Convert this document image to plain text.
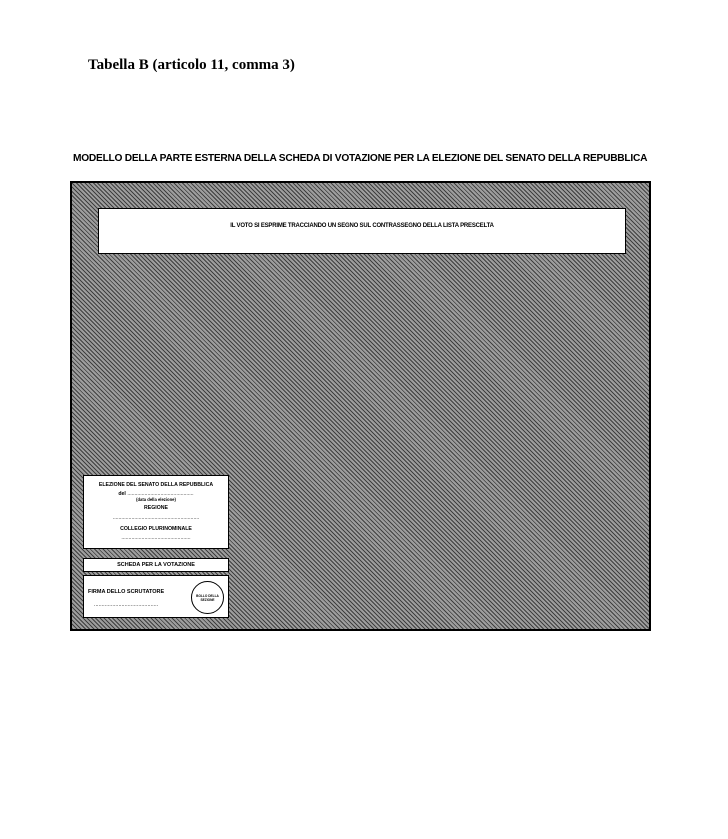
Tabella B (articolo 11, comma 3)
MODELLO DELLA PARTE ESTERNA DELLA SCHEDA DI VOTAZIONE PER LA ELEZIONE DEL SENATO DELLA REPUBBLICA
IL VOTO SI ESPRIME TRACCIANDO UN SEGNO SUL CONTRASSEGNO DELLA LISTA PRESCELTA
ELEZIONE DEL SENATO DELLA REPUBBLICA
del ..............................................
(data della elezione)
REGIONE
............................................................
COLLEGIO PLURINOMINALE
................................................
SCHEDA PER LA VOTAZIONE
FIRMA DELLO SCRUTATORE
..........................................
BOLLO DELLA SEZIONE
